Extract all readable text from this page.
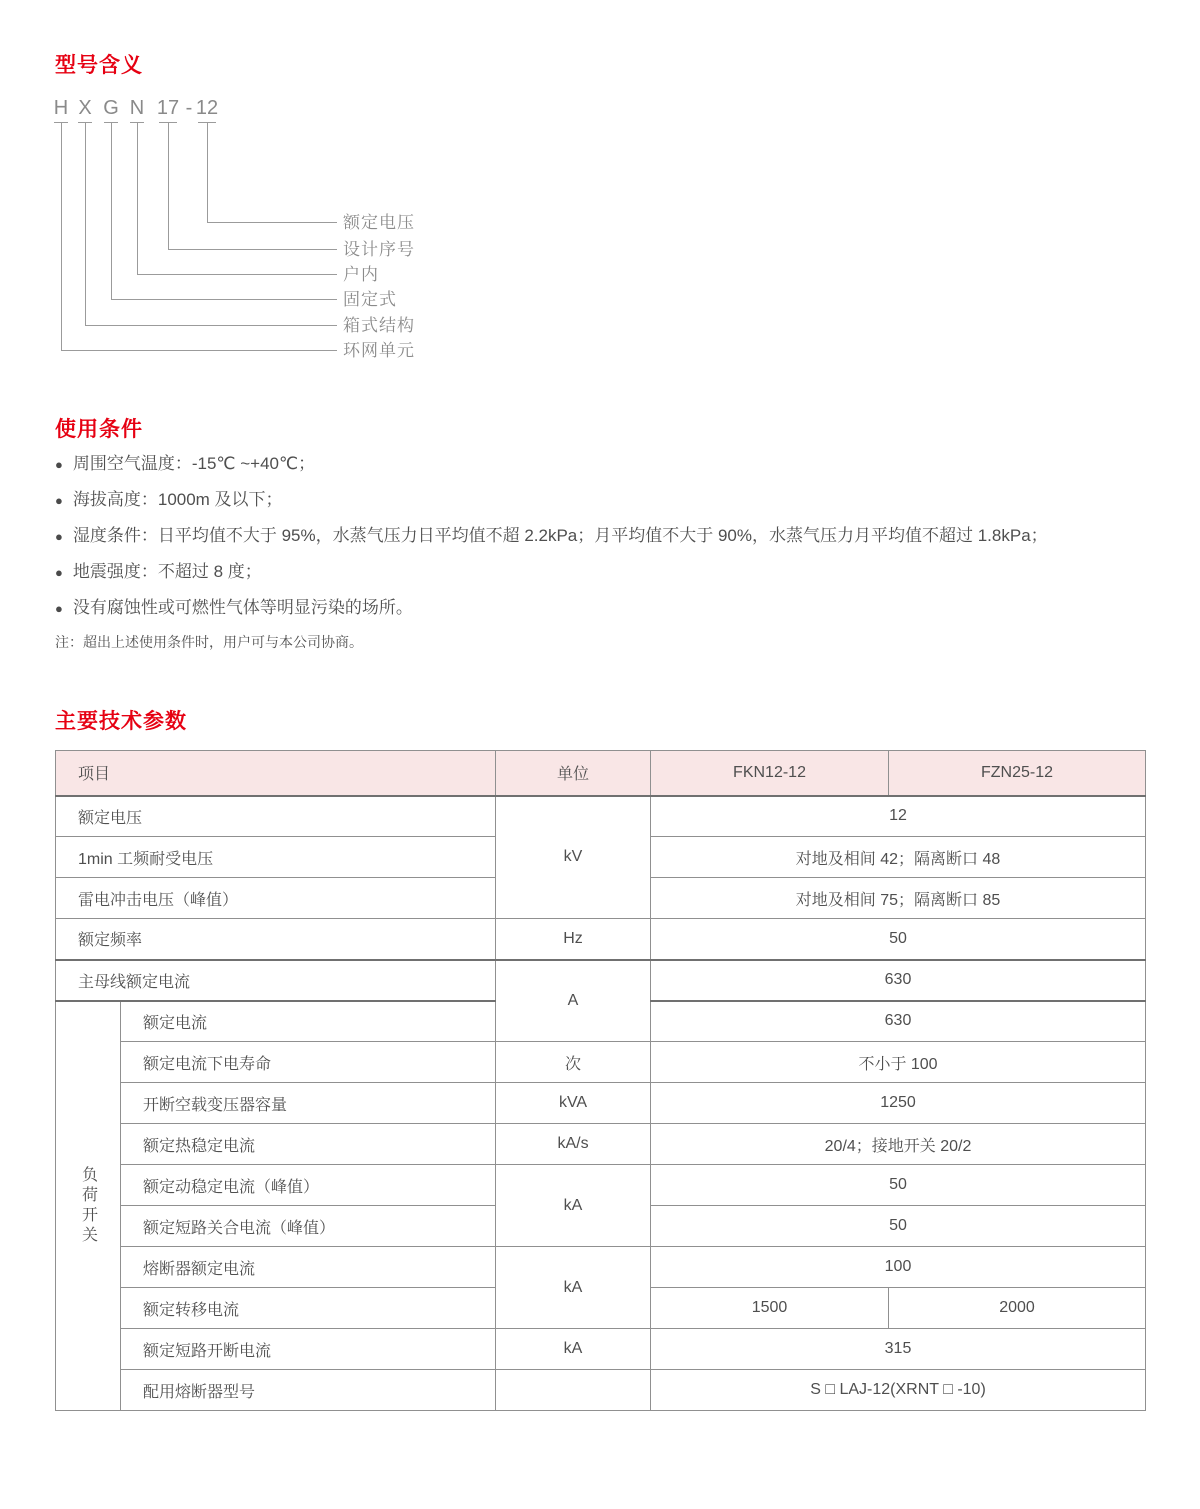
型号含义
H X G N 17 - 12
额定电压
设计序号
户内
固定式
箱式结构
环网单元
使用条件
● 周围空气温度：-15℃ ~+40℃；
● 海拔高度：1000m 及以下；
● 湿度条件：日平均值不大于 95%，水蒸气压力日平均值不超 2.2kPa；月平均值不大于 90%，水蒸气压力月平均值不超过 1.8kPa；
● 地震强度：不超过 8 度；
● 没有腐蚀性或可燃性气体等明显污染的场所。
注：超出上述使用条件时，用户可与本公司协商。
主要技术参数
项目		单位	FKN12-12	FZN25-12
额定电压		kV	12	
1min 工频耐受电压			对地及相间 42；隔离断口 48	
雷电冲击电压（峰值）			对地及相间 75；隔离断口 85	
额定频率		Hz	50	
主母线额定电流		A	630	
负荷开关	额定电流		630	
	额定电流下电寿命	次	不小于 100	
	开断空载变压器容量	kVA	1250	
	额定热稳定电流	kA/s	20/4；接地开关 20/2	
	额定动稳定电流（峰值）	kA	50	
	额定短路关合电流（峰值）		50	
	熔断器额定电流	kA	100	
	额定转移电流		1500	2000
	额定短路开断电流	kA	315	
	配用熔断器型号		S □ LAJ-12(XRNT □ -10)	
